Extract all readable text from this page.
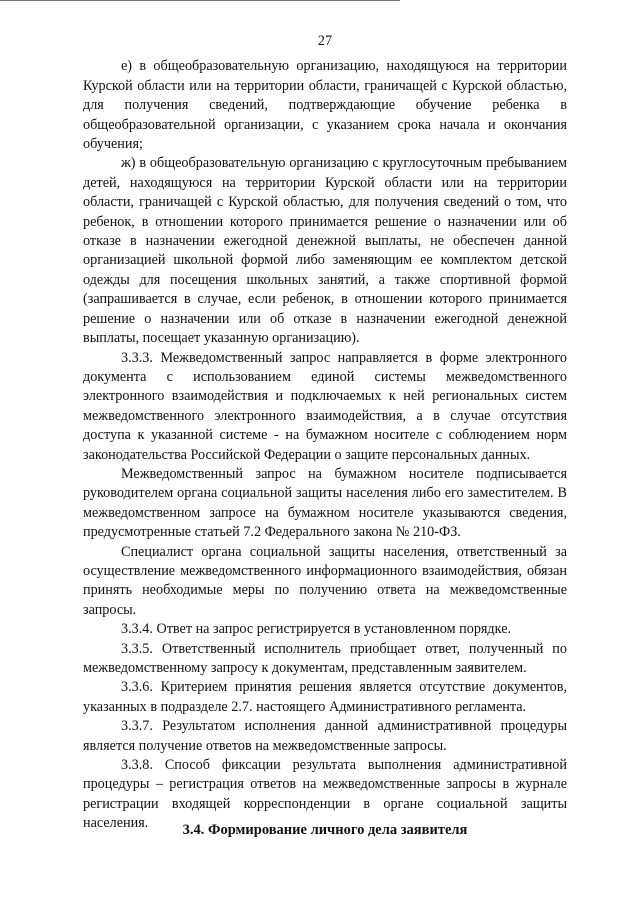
27

е) в общеобразовательную организацию, находящуюся на территории Курской области или на территории области, граничащей с Курской областью, для получения сведений, подтверждающие обучение ребенка в общеобразовательной организации, с указанием срока начала и окончания обучения;

ж) в общеобразовательную организацию с круглосуточным пребыванием детей, находящуюся на территории Курской области или на территории области, граничащей с Курской областью, для получения сведений о том, что ребенок, в отношении которого принимается решение о назначении или об отказе в назначении ежегодной денежной выплаты, не обеспечен данной организацией школьной формой либо заменяющим ее комплектом детской одежды для посещения школьных занятий, а также спортивной формой (запрашивается в случае, если ребенок, в отношении которого принимается решение о назначении или об отказе в назначении ежегодной денежной выплаты, посещает указанную организацию).

3.3.3. Межведомственный запрос направляется в форме электронного документа с использованием единой системы межведомственного электронного взаимодействия и подключаемых к ней региональных систем межведомственного электронного взаимодействия, а в случае отсутствия доступа к указанной системе - на бумажном носителе с соблюдением норм законодательства Российской Федерации о защите персональных данных.

Межведомственный запрос на бумажном носителе подписывается руководителем органа социальной защиты населения либо его заместителем. В межведомственном запросе на бумажном носителе указываются сведения, предусмотренные статьей 7.2 Федерального закона № 210-ФЗ.

Специалист органа социальной защиты населения, ответственный за осуществление межведомственного информационного взаимодействия, обязан принять необходимые меры по получению ответа на межведомственные запросы.

3.3.4. Ответ на запрос регистрируется в установленном порядке.

3.3.5. Ответственный исполнитель приобщает ответ, полученный по межведомственному запросу к документам, представленным заявителем.

3.3.6. Критерием принятия решения является отсутствие документов, указанных в подразделе 2.7. настоящего Административного регламента.

3.3.7. Результатом исполнения данной административной процедуры является получение ответов на межведомственные запросы.

3.3.8. Способ фиксации результата выполнения административной процедуры – регистрация ответов на межведомственные запросы в журнале регистрации входящей корреспонденции в органе социальной защиты населения.	3.4. Формирование личного дела заявителя
